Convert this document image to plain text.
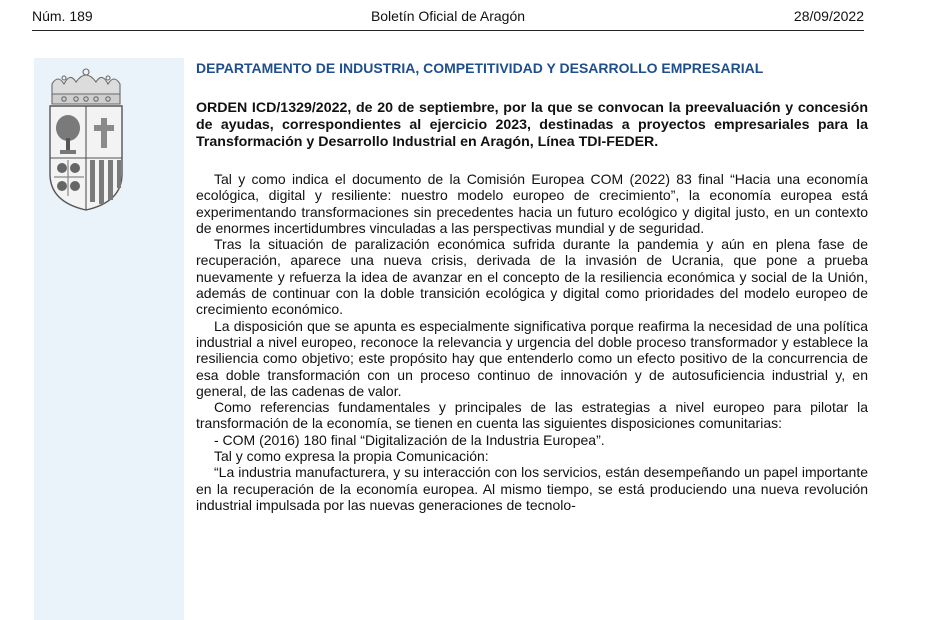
Núm. 189	Boletín Oficial de Aragón	28/09/2022
DEPARTAMENTO DE INDUSTRIA, COMPETITIVIDAD Y DESARROLLO EMPRESARIAL
ORDEN ICD/1329/2022, de 20 de septiembre, por la que se convocan la preevaluación y concesión de ayudas, correspondientes al ejercicio 2023, destinadas a proyectos empresariales para la Transformación y Desarrollo Industrial en Aragón, Línea TDI-FEDER.

Tal y como indica el documento de la Comisión Europea COM (2022) 83 final “Hacia una economía ecológica, digital y resiliente: nuestro modelo europeo de crecimiento”, la economía europea está experimentando transformaciones sin precedentes hacia un futuro ecológico y digital justo, en un contexto de enormes incertidumbres vinculadas a las perspectivas mundial y de seguridad.

Tras la situación de paralización económica sufrida durante la pandemia y aún en plena fase de recuperación, aparece una nueva crisis, derivada de la invasión de Ucrania, que pone a prueba nuevamente y refuerza la idea de avanzar en el concepto de la resiliencia económica y social de la Unión, además de continuar con la doble transición ecológica y digital como prioridades del modelo europeo de crecimiento económico.

La disposición que se apunta es especialmente significativa porque reafirma la necesidad de una política industrial a nivel europeo, reconoce la relevancia y urgencia del doble proceso transformador y establece la resiliencia como objetivo; este propósito hay que entenderlo como un efecto positivo de la concurrencia de esa doble transformación con un proceso continuo de innovación y de autosuficiencia industrial y, en general, de las cadenas de valor.

Como referencias fundamentales y principales de las estrategias a nivel europeo para pilotar la transformación de la economía, se tienen en cuenta las siguientes disposiciones comunitarias:

- COM (2016) 180 final “Digitalización de la Industria Europea”.

Tal y como expresa la propia Comunicación:

“La industria manufacturera, y su interacción con los servicios, están desempeñando un papel importante en la recuperación de la economía europea. Al mismo tiempo, se está produciendo una nueva revolución industrial impulsada por las nuevas generaciones de tecnolo-
